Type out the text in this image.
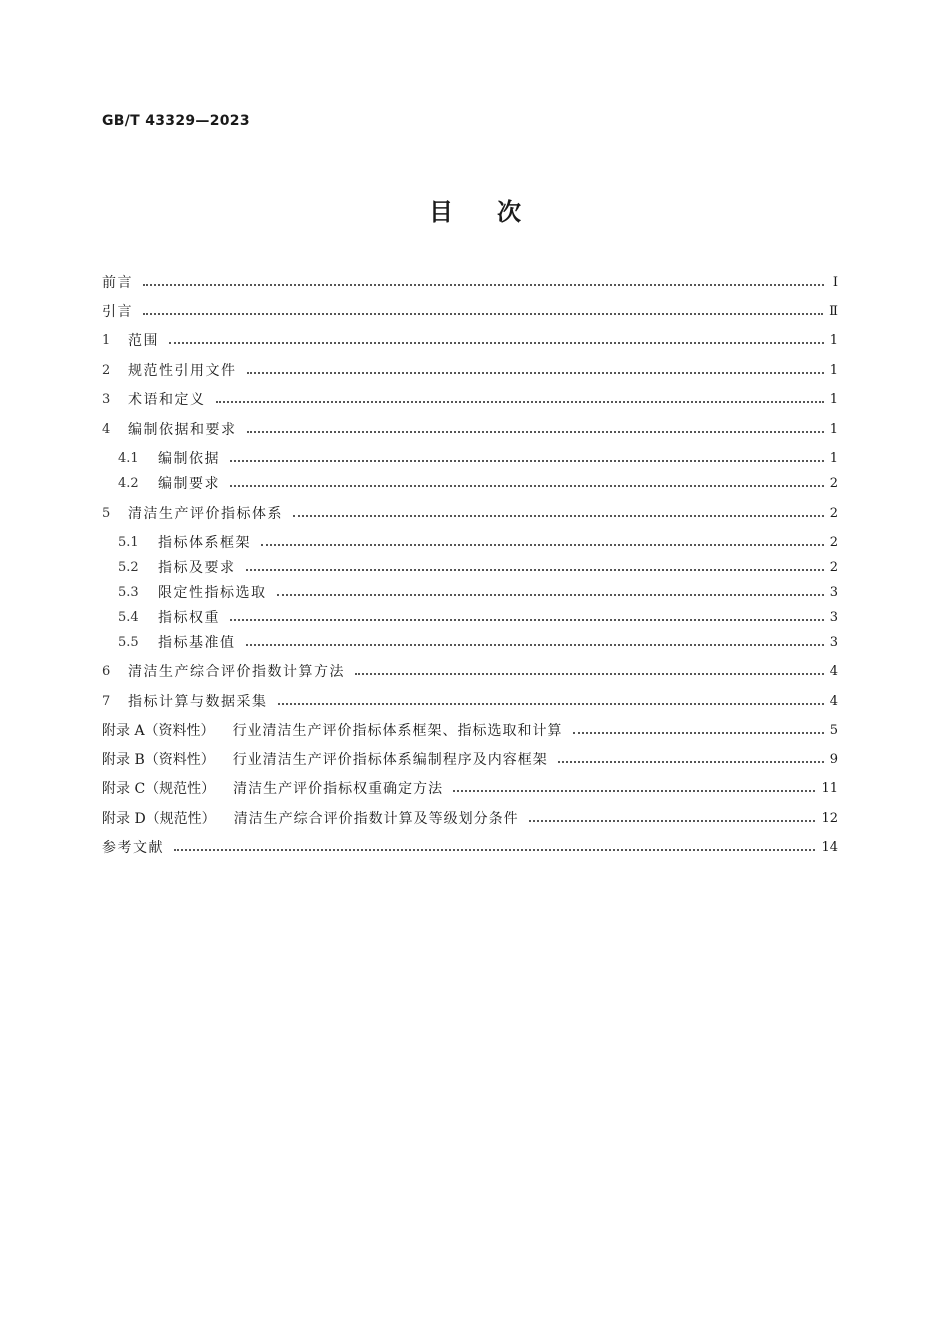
GB/T 43329—2023
目次
前言	Ⅰ
引言	Ⅱ
1	范围	1
2	规范性引用文件	1
3	术语和定义	1
4	编制依据和要求	1
4.1	编制依据	1
4.2	编制要求	2
5	清洁生产评价指标体系	2
5.1	指标体系框架	2
5.2	指标及要求	2
5.3	限定性指标选取	3
5.4	指标权重	3
5.5	指标基准值	3
6	清洁生产综合评价指数计算方法	4
7	指标计算与数据采集	4
附录 A（资料性） 行业清洁生产评价指标体系框架、指标选取和计算	5
附录 B（资料性） 行业清洁生产评价指标体系编制程序及内容框架	9
附录 C（规范性） 清洁生产评价指标权重确定方法	11
附录 D（规范性） 清洁生产综合评价指数计算及等级划分条件	12
参考文献	14
